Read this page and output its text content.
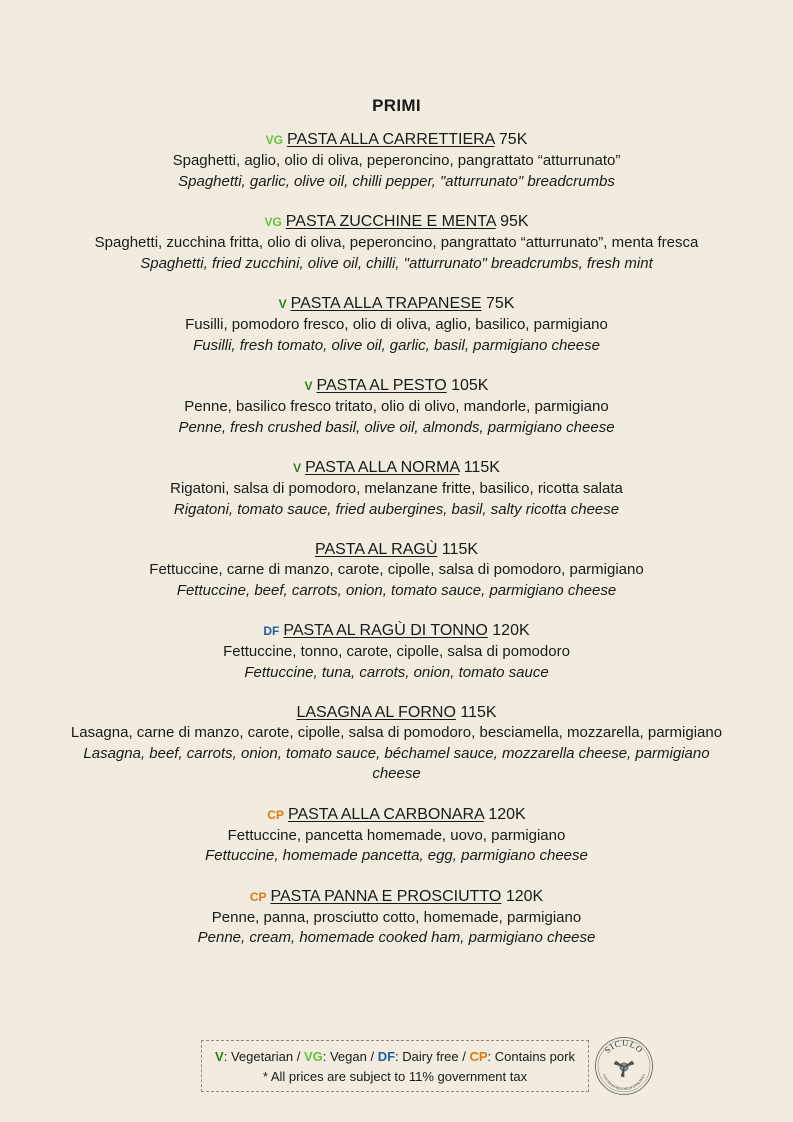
PRIMI
VG PASTA ALLA CARRETTIERA 75K
Spaghetti, aglio, olio di oliva, peperoncino, pangrattato “atturrunato”
Spaghetti, garlic, olive oil, chilli pepper, "atturrunato" breadcrumbs
VG PASTA ZUCCHINE E MENTA 95K
Spaghetti, zucchina fritta, olio di oliva, peperoncino, pangrattato “atturrunato”, menta fresca
Spaghetti, fried zucchini, olive oil, chilli, "atturrunato" breadcrumbs, fresh mint
V PASTA ALLA TRAPANESE 75K
Fusilli, pomodoro fresco, olio di oliva, aglio, basilico, parmigiano
Fusilli, fresh tomato, olive oil, garlic, basil, parmigiano cheese
V PASTA AL PESTO 105K
Penne, basilico fresco tritato, olio di olivo, mandorle, parmigiano
Penne, fresh crushed basil, olive oil, almonds, parmigiano cheese
V PASTA ALLA NORMA 115K
Rigatoni, salsa di pomodoro, melanzane fritte, basilico, ricotta salata
Rigatoni, tomato sauce, fried aubergines, basil, salty ricotta cheese
PASTA AL RAGÙ 115K
Fettuccine, carne di manzo, carote, cipolle, salsa di pomodoro, parmigiano
Fettuccine, beef, carrots, onion, tomato sauce, parmigiano cheese
DF PASTA AL RAGÙ DI TONNO 120K
Fettuccine, tonno, carote, cipolle, salsa di pomodoro
Fettuccine, tuna, carrots, onion, tomato sauce
LASAGNA AL FORNO 115K
Lasagna, carne di manzo, carote, cipolle, salsa di pomodoro, besciamella, mozzarella, parmigiano
Lasagna, beef, carrots, onion, tomato sauce, béchamel sauce, mozzarella cheese, parmigiano cheese
CP PASTA ALLA CARBONARA 120K
Fettuccine, pancetta homemade, uovo, parmigiano
Fettuccine, homemade pancetta, egg, parmigiano cheese
CP PASTA PANNA E PROSCIUTTO 120K
Penne, panna, prosciutto cotto, homemade, parmigiano
Penne, cream, homemade cooked ham, parmigiano cheese
V: Vegetarian / VG: Vegan / DF: Dairy free / CP: Contains pork
* All prices are subject to 11% government tax
SICULO
GASTRONOMIA MEDITERRANEA
